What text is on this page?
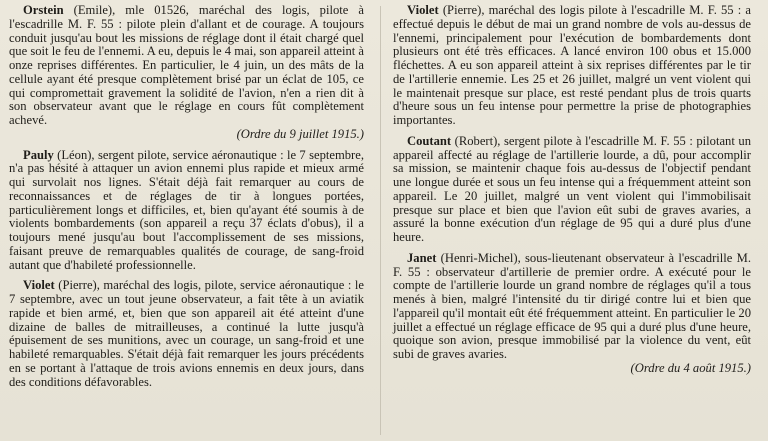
Orstein (Emile), mle 01526, maréchal des logis, pilote à l'escadrille M. F. 55 : pilote plein d'allant et de courage. A toujours conduit jusqu'au bout les missions de réglage dont il était chargé quel que soit le feu de l'ennemi. A eu, depuis le 4 mai, son appareil atteint à onze reprises différentes. En particulier, le 4 juin, un des mâts de la cellule ayant été presque complètement brisé par un éclat de 105, ce qui compromettait gravement la solidité de l'avion, n'en a rien dit à son observateur avant que le réglage en cours fût complètement achevé.
(Ordre du 9 juillet 1915.)

Pauly (Léon), sergent pilote, service aéronautique : le 7 septembre, n'a pas hésité à attaquer un avion ennemi plus rapide et mieux armé qui survolait nos lignes. S'était déjà fait remarquer au cours de reconnaissances et de réglages de tir à longues portées, particulièrement longs et difficiles, et, bien qu'ayant été soumis à de violents bombardements (son appareil a reçu 37 éclats d'obus), il a toujours mené jusqu'au bout l'accomplissement de ses missions, faisant preuve de remarquables qualités de courage, de sang-froid autant que d'habileté professionnelle.

Violet (Pierre), maréchal des logis, pilote, service aéronautique : le 7 septembre, avec un tout jeune observateur, a fait tête à un aviatik rapide et bien armé, et, bien que son appareil ait été atteint d'une dizaine de balles de mitrailleuses, a continué la lutte jusqu'à épuisement de ses munitions, avec un courage, un sang-froid et une habileté remarquables. S'était déjà fait remarquer les jours précédents en se portant à l'attaque de trois avions ennemis en deux jours, dans des conditions défavorables.

Violet (Pierre), maréchal des logis pilote à l'escadrille M. F. 55 : a effectué depuis le début de mai un grand nombre de vols au-dessus de l'ennemi, principalement pour l'exécution de bombardements dont plusieurs ont été très efficaces. A lancé environ 100 obus et 15.000 fléchettes. A eu son appareil atteint à six reprises différentes par le tir de l'artillerie ennemie. Les 25 et 26 juillet, malgré un vent violent qui le maintenait presque sur place, est resté pendant plus de trois quarts d'heure sous un feu intense pour permettre la prise de photographies importantes.

Coutant (Robert), sergent pilote à l'escadrille M. F. 55 : pilotant un appareil affecté au réglage de l'artillerie lourde, a dû, pour accomplir sa mission, se maintenir chaque fois au-dessus de l'objectif pendant une longue durée et sous un feu intense qui a fréquemment atteint son appareil. Le 20 juillet, malgré un vent violent qui l'immobilisait presque sur place et bien que l'avion eût subi de graves avaries, a assuré la bonne exécution d'un réglage de 95 qui a duré plus d'une heure.

Janet (Henri-Michel), sous-lieutenant observateur à l'escadrille M. F. 55 : observateur d'artillerie de premier ordre. A exécuté pour le compte de l'artillerie lourde un grand nombre de réglages qu'il a tous menés à bien, malgré l'intensité du tir dirigé contre lui et bien que l'appareil qu'il montait eût été fréquemment atteint. En particulier le 20 juillet a effectué un réglage efficace de 95 qui a duré plus d'une heure, quoique son avion, presque immobilisé par la violence du vent, eût subi de graves avaries.
(Ordre du 4 août 1915.)
